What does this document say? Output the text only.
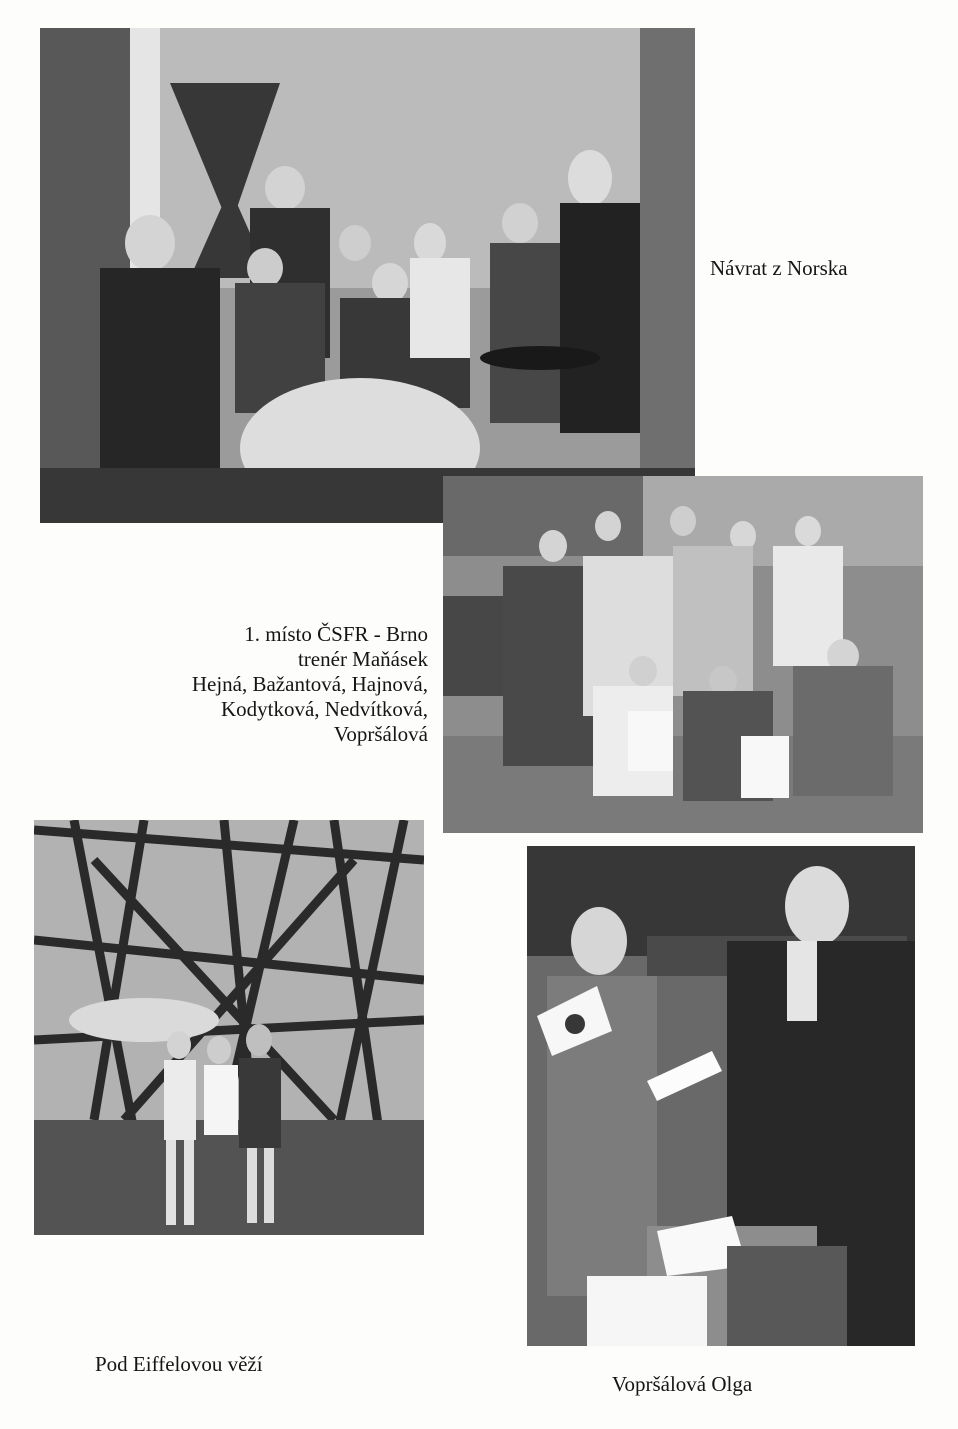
Návrat z Norska
1. místo ČSFR - Brno
trenér Maňásek
Hejná, Bažantová, Hajnová,
Kodytková, Nedvítková,
Vopršálová
Pod Eiffelovou věží
Vopršálová Olga
